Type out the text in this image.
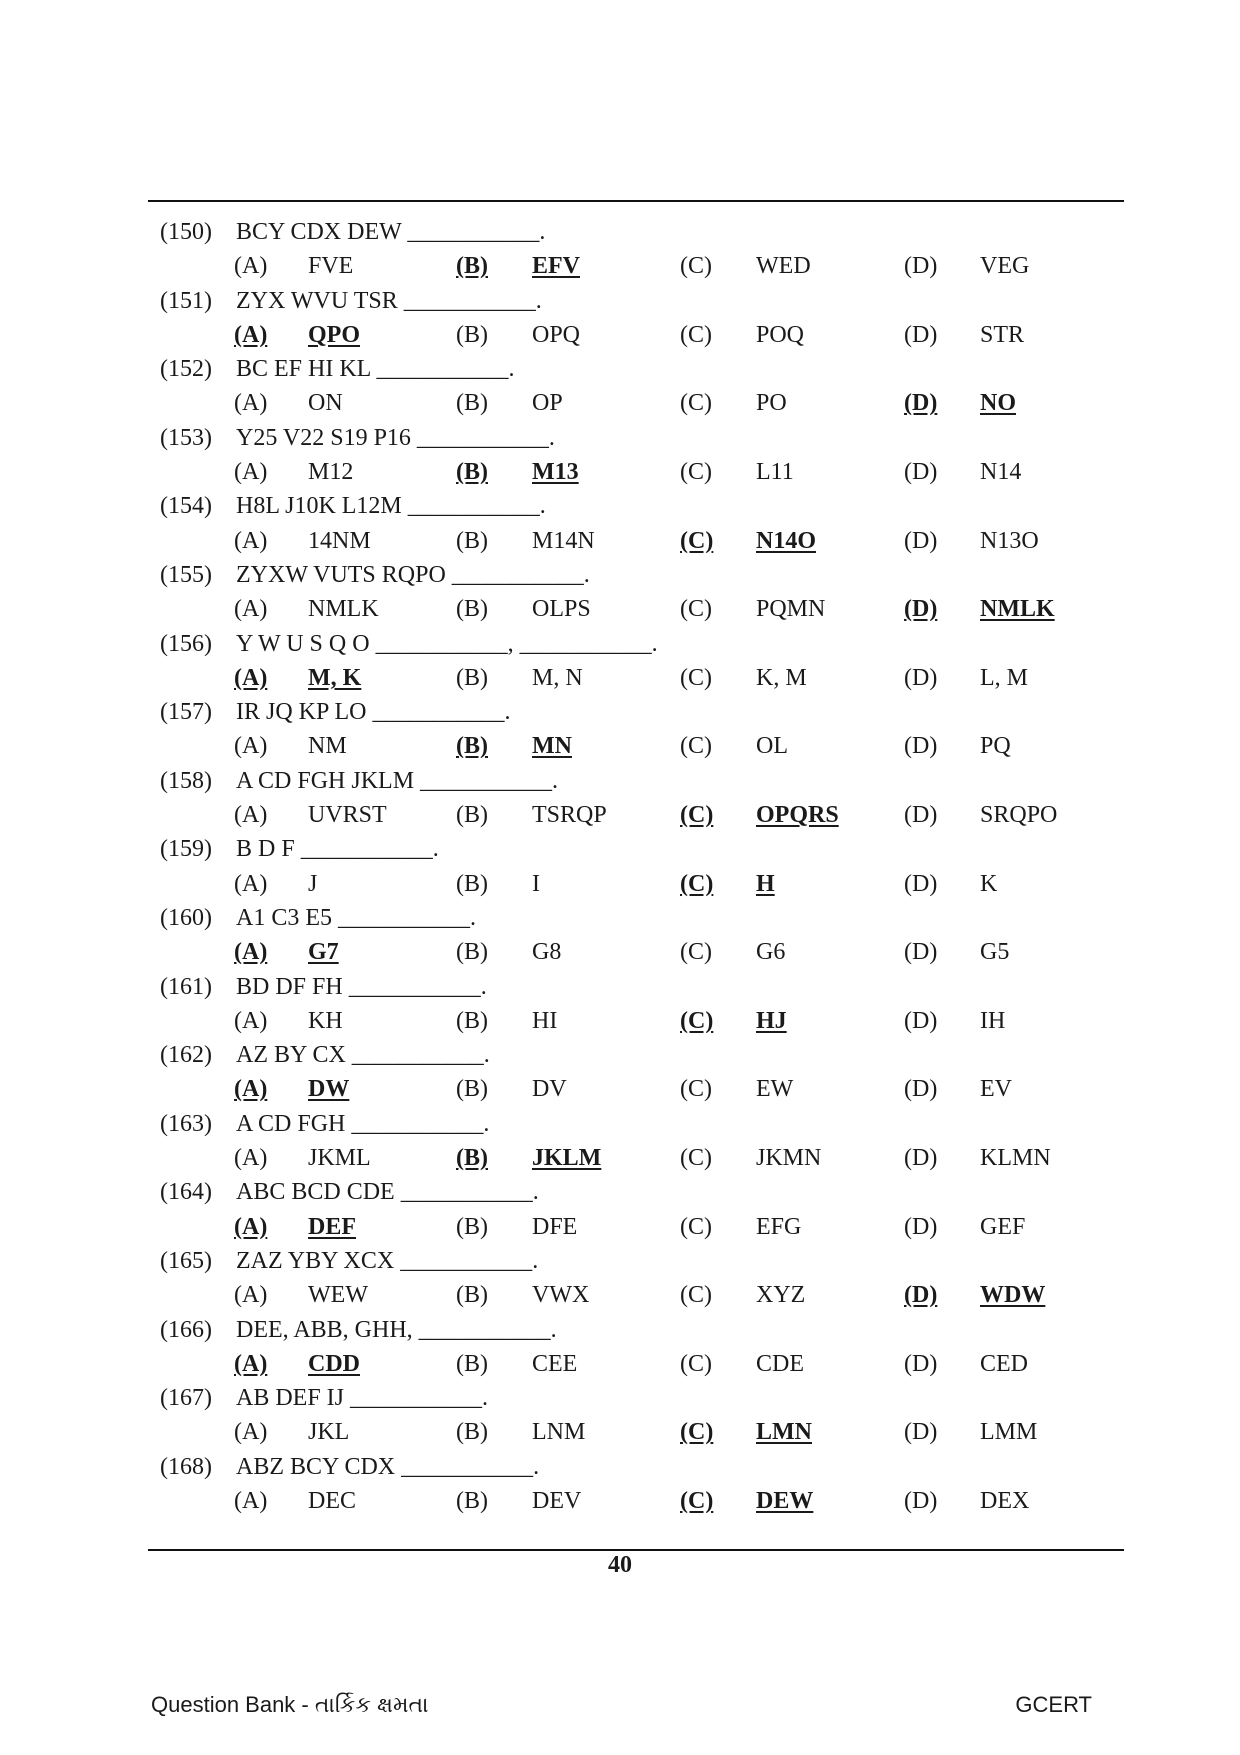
(150) BCY CDX DEW ___________.
(A) FVE	(B) EFV	(C) WED	(D) VEG
(151) ZYX WVU TSR ___________.
(A) QPO	(B) OPQ	(C) POQ	(D) STR
(152) BC EF HI KL ___________.
(A) ON	(B) OP	(C) PO	(D) NO
(153) Y25 V22 S19 P16 ___________.
(A) M12	(B) M13	(C) L11	(D) N14
(154) H8L J10K L12M ___________.
(A) 14NM	(B) M14N	(C) N14O	(D) N13O
(155) ZYXW VUTS RQPO ___________.
(A) NMLK	(B) OLPS	(C) PQMN	(D) NMLK
(156) Y W U S Q O ___________, ___________.
(A) M, K	(B) M, N	(C) K, M	(D) L, M
(157) IR JQ KP LO ___________.
(A) NM	(B) MN	(C) OL	(D) PQ
(158) A CD FGH JKLM ___________.
(A) UVRST	(B) TSRQP	(C) OPQRS	(D) SRQPO
(159) B D F ___________.
(A) J	(B) I	(C) H	(D) K
(160) A1 C3 E5 ___________.
(A) G7	(B) G8	(C) G6	(D) G5
(161) BD DF FH ___________.
(A) KH	(B) HI	(C) HJ	(D) IH
(162) AZ BY CX ___________.
(A) DW	(B) DV	(C) EW	(D) EV
(163) A CD FGH ___________.
(A) JKML	(B) JKLM	(C) JKMN	(D) KLMN
(164) ABC BCD CDE ___________.
(A) DEF	(B) DFE	(C) EFG	(D) GEF
(165) ZAZ YBY XCX ___________.
(A) WEW	(B) VWX	(C) XYZ	(D) WDW
(166) DEE, ABB, GHH, ___________.
(A) CDD	(B) CEE	(C) CDE	(D) CED
(167) AB DEF IJ ___________.
(A) JKL	(B) LNM	(C) LMN	(D) LMM
(168) ABZ BCY CDX ___________.
(A) DEC	(B) DEV	(C) DEW	(D) DEX
40
Question Bank - તાર્કિક ક્ષમતા	GCERT
